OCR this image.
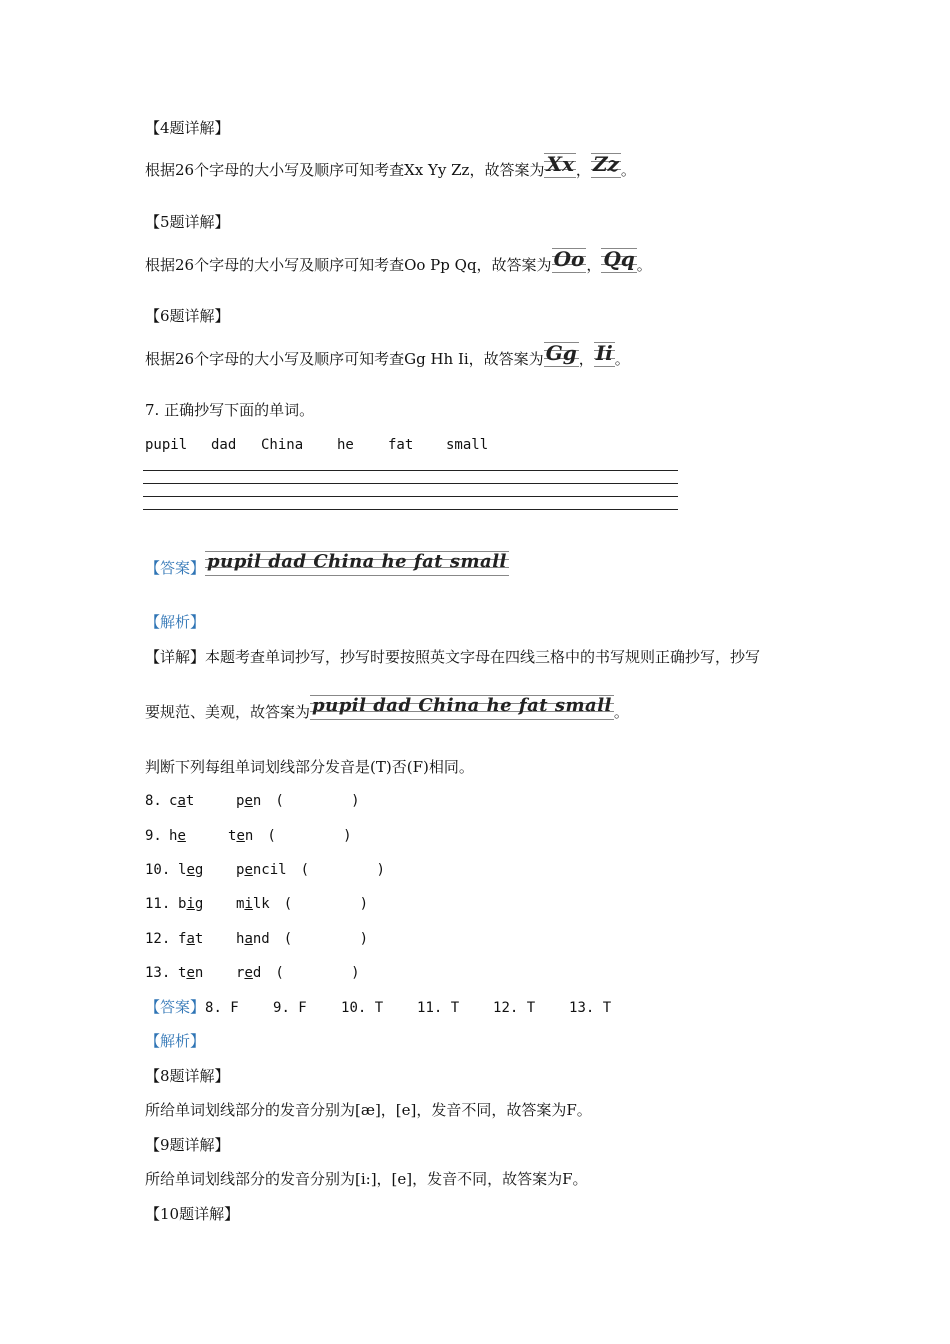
【4题详解】
根据26个字母的大小写及顺序可知考查Xx Yy Zz，故答案为 Xx ， Zz 。
【5题详解】
根据26个字母的大小写及顺序可知考查Oo Pp Qq，故答案为 Oo ， Qq 。
【6题详解】
根据26个字母的大小写及顺序可知考查Gg Hh Ii，故答案为 Gg ， Ii 。
7. 正确抄写下面的单词。
pupil dad China he fat small
【答案】 pupil dad China he fat small
【解析】
【详解】本题考查单词抄写，抄写时要按照英文字母在四线三格中的书写规则正确抄写，抄写
要规范、美观，故答案为 pupil dad China he fat small 。
判断下列每组单词划线部分发音是(T)否(F)相同。
8. cat	pen (        )
9. he	ten (        )
10. leg pencil (        )
11. big milk (        )
12. fat hand (        )
13. ten red (        )
【答案】8. F 9. F 10. T 11. T 12. T 13. T
【解析】
【8题详解】
所给单词划线部分的发音分别为[æ]，[e]，发音不同，故答案为F。
【9题详解】
所给单词划线部分的发音分别为[i:]，[e]，发音不同，故答案为F。
【10题详解】
